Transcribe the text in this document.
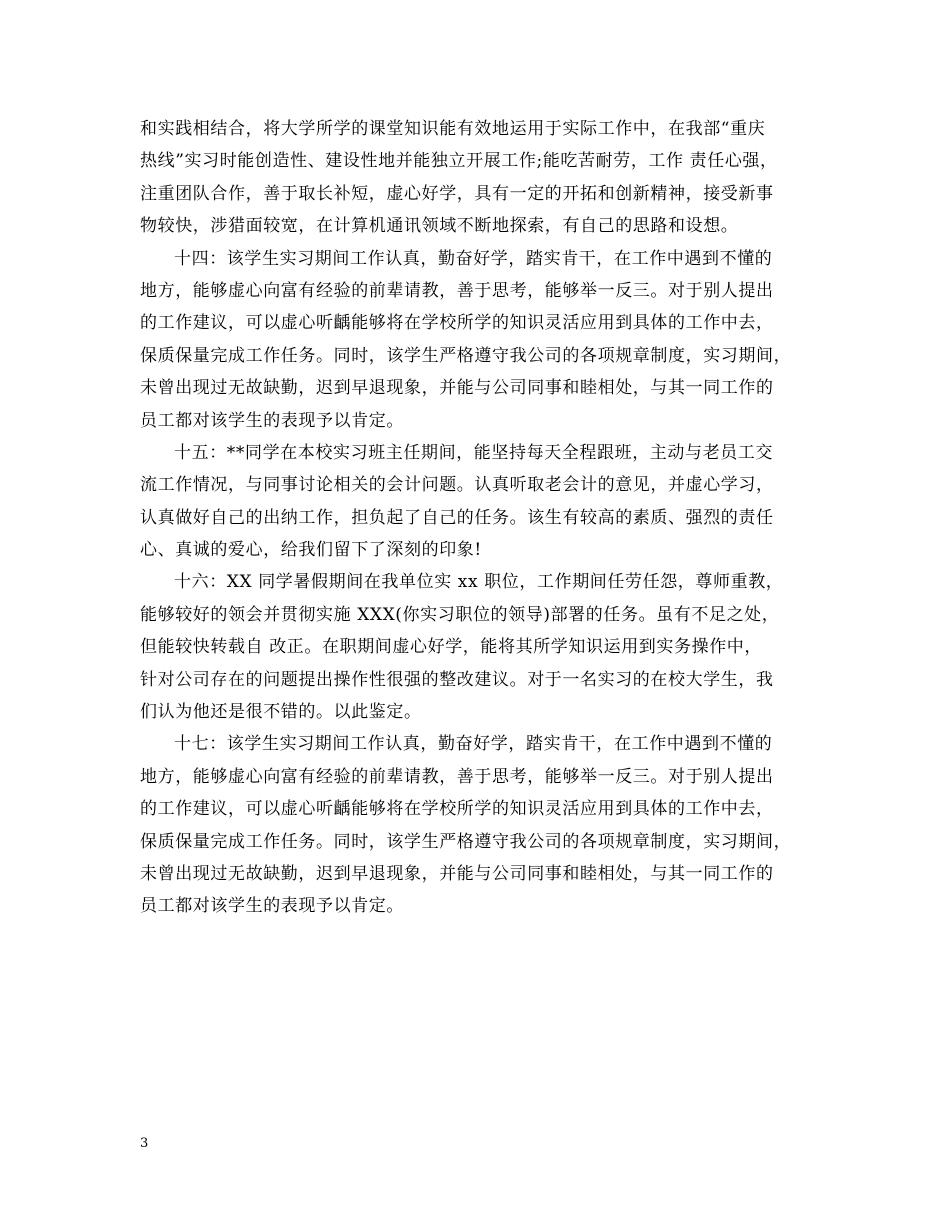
和实践相结合，将大学所学的课堂知识能有效地运用于实际工作中，在我部“重庆
热线”实习时能创造性、建设性地并能独立开展工作;能吃苦耐劳，工作 责任心强，
注重团队合作，善于取长补短，虚心好学，具有一定的开拓和创新精神，接受新事
物较快，涉猎面较宽，在计算机通讯领域不断地探索，有自己的思路和设想。
十四：该学生实习期间工作认真，勤奋好学，踏实肯干，在工作中遇到不懂的
地方，能够虚心向富有经验的前辈请教，善于思考，能够举一反三。对于别人提出
的工作建议，可以虚心听齲能够将在学校所学的知识灵活应用到具体的工作中去，
保质保量完成工作任务。同时，该学生严格遵守我公司的各项规章制度，实习期间，
未曾出现过无故缺勤，迟到早退现象，并能与公司同事和睦相处，与其一同工作的
员工都对该学生的表现予以肯定。
十五：**同学在本校实习班主任期间，能坚持每天全程跟班，主动与老员工交
流工作情况，与同事讨论相关的会计问题。认真听取老会计的意见，并虚心学习，
认真做好自己的出纳工作，担负起了自己的任务。该生有较高的素质、强烈的责任
心、真诚的爱心，给我们留下了深刻的印象!
十六：XX 同学暑假期间在我单位实 xx 职位，工作期间任劳任怨，尊师重教，
能够较好的领会并贯彻实施 XXX(你实习职位的领导)部署的任务。虽有不足之处，
但能较快转载自 改正。在职期间虚心好学，能将其所学知识运用到实务操作中，
针对公司存在的问题提出操作性很强的整改建议。对于一名实习的在校大学生，我
们认为他还是很不错的。以此鉴定。
十七：该学生实习期间工作认真，勤奋好学，踏实肯干，在工作中遇到不懂的
地方，能够虚心向富有经验的前辈请教，善于思考，能够举一反三。对于别人提出
的工作建议，可以虚心听齲能够将在学校所学的知识灵活应用到具体的工作中去，
保质保量完成工作任务。同时，该学生严格遵守我公司的各项规章制度，实习期间，
未曾出现过无故缺勤，迟到早退现象，并能与公司同事和睦相处，与其一同工作的
员工都对该学生的表现予以肯定。
3
